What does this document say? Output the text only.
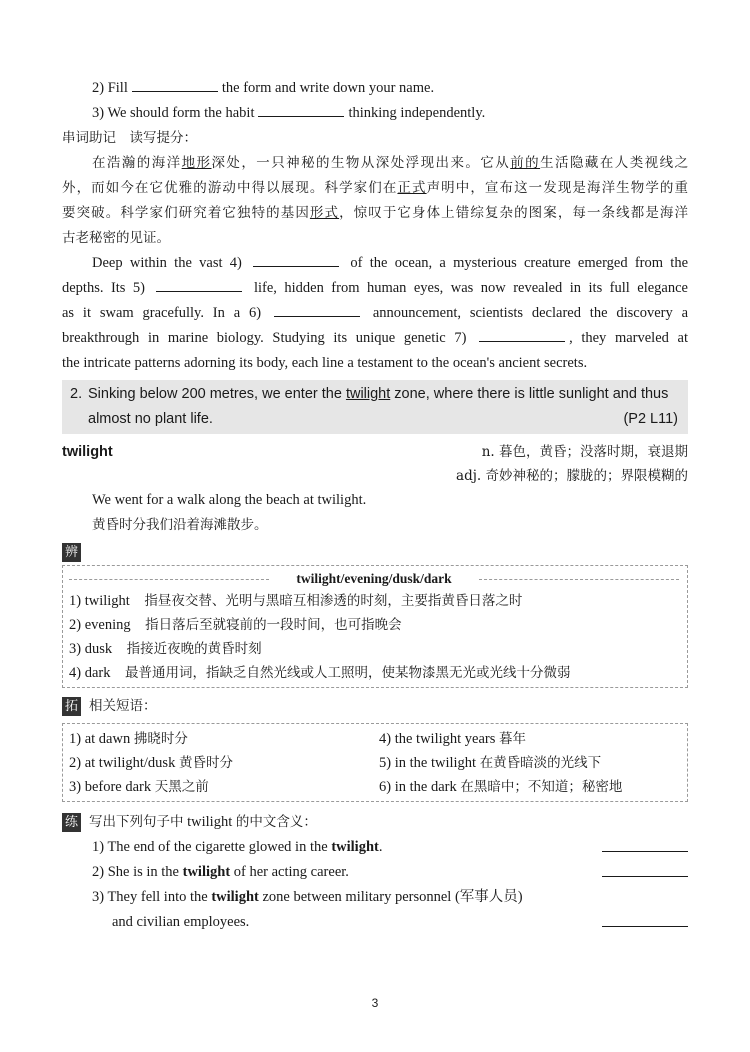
2) Fill	the form and write down your name.
3) We should form the habit	thinking independently.
串词助记　读写提分：
在浩瀚的海洋地形深处，一只神秘的生物从深处浮现出来。它从前的生活隐藏在人类视线之
外，而如今在它优雅的游动中得以展现。科学家们在正式声明中，宣布这一发现是海洋生物学的重
要突破。科学家们研究着它独特的基因形式，惊叹于它身体上错综复杂的图案，每一条线都是海洋
古老秘密的见证。
Deep within the vast 4)	of the ocean, a mysterious creature emerged from the
depths. Its 5)	life, hidden from human eyes, was now revealed in its full elegance
as it swam gracefully. In a 6)	announcement, scientists declared the discovery a
breakthrough in marine biology. Studying its unique genetic 7)	, they marveled at
the intricate patterns adorning its body, each line a testament to the ocean's ancient secrets.
2. Sinking below 200 metres, we enter the twilight zone, where there is little sunlight and thus
almost no plant life.	(P2 L11)
twilight	n. 暮色，黄昏；没落时期，衰退期
adj. 奇妙神秘的；朦胧的；界限模糊的
We went for a walk along the beach at twilight.
黄昏时分我们沿着海滩散步。
辨
twilight/evening/dusk/dark
1) twilight　 指昼夜交替、光明与黑暗互相渗透的时刻，主要指黄昏日落之时
2) evening　 指日落后至就寝前的一段时间，也可指晚会
3) dusk　 指接近夜晚的黄昏时刻
4) dark　 最普通用词，指缺乏自然光线或人工照明，使某物漆黑无光或光线十分微弱
拓 相关短语：
1) at dawn 拂晓时分	4) the twilight years 暮年
2) at twilight/dusk 黄昏时分	5) in the twilight 在黄昏暗淡的光线下
3) before dark 天黑之前	6) in the dark 在黑暗中；不知道；秘密地
练 写出下列句子中 twilight 的中文含义：
1) The end of the cigarette glowed in the twilight.
2) She is in the twilight of her acting career.
3) They fell into the twilight zone between military personnel (军事人员)
and civilian employees.
3
